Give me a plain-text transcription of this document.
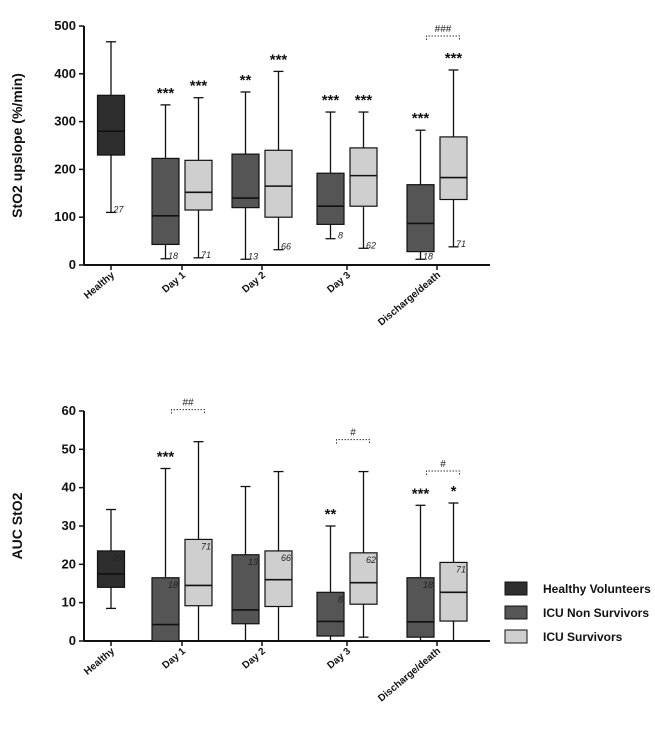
0
100
200
300
400
500
StO2 upslope (%/min)
Healthy	Day 1	Day 2	Day 3 Discharge/death
27
18
***
71
***
13
**
66
***
8
***
62
***
18
***
71
***
###
0
10
20
30
40
50
60
AUC StO2
Healthy	Day 1	Day 2	Day 3 Discharge/death
27
18
***
71
13	66
8
**
62
18
***
71
*
##
#
#
Healthy Volunteers
ICU Non Survivors
ICU Survivors
